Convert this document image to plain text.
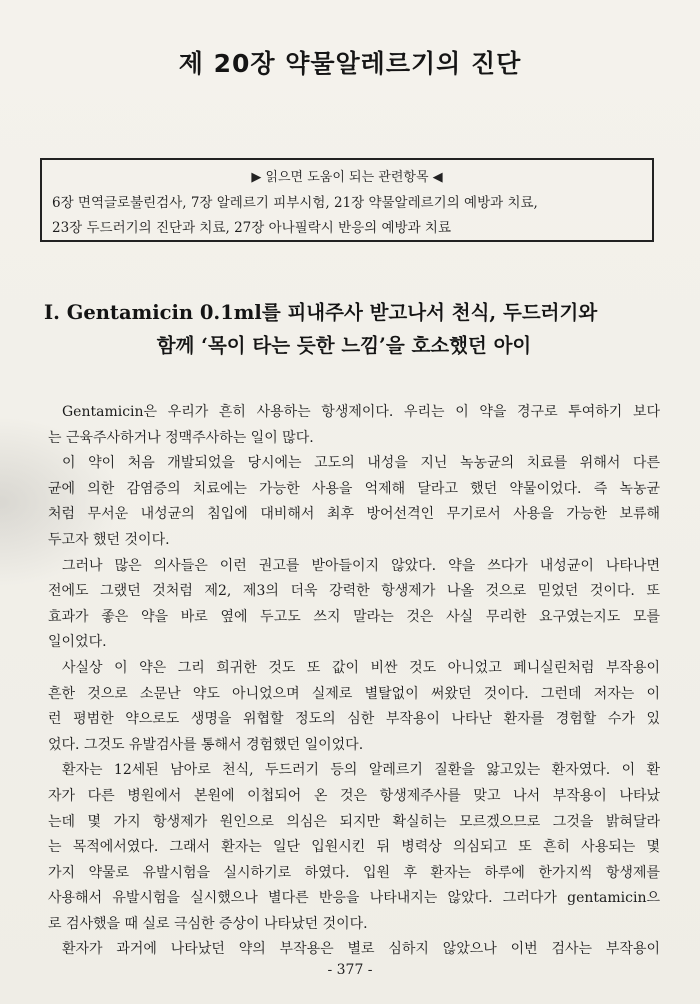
제 20장 약물알레르기의 진단
▶ 읽으면 도움이 되는 관련항목 ◀
6장 면역글로불린검사, 7장 알레르기 피부시험, 21장 약물알레르기의 예방과 치료,
23장 두드러기의 진단과 치료, 27장 아나필락시 반응의 예방과 치료
I. Gentamicin 0.1ml를 피내주사 받고나서 천식, 두드러기와
함께 ‘목이 타는 듯한 느낌’을 호소했던 아이
Gentamicin은 우리가 흔히 사용하는 항생제이다. 우리는 이 약을 경구로 투여하기 보다
는 근육주사하거나 정맥주사하는 일이 많다.
이 약이 처음 개발되었을 당시에는 고도의 내성을 지닌 녹농균의 치료를 위해서 다른
균에 의한 감염증의 치료에는 가능한 사용을 억제해 달라고 했던 약물이었다. 즉 녹농균
처럼 무서운 내성균의 침입에 대비해서 최후 방어선격인 무기로서 사용을 가능한 보류해
두고자 했던 것이다.
그러나 많은 의사들은 이런 권고를 받아들이지 않았다. 약을 쓰다가 내성균이 나타나면
전에도 그랬던 것처럼 제2, 제3의 더욱 강력한 항생제가 나올 것으로 믿었던 것이다. 또
효과가 좋은 약을 바로 옆에 두고도 쓰지 말라는 것은 사실 무리한 요구였는지도 모를
일이었다.
사실상 이 약은 그리 희귀한 것도 또 값이 비싼 것도 아니었고 페니실린처럼 부작용이
흔한 것으로 소문난 약도 아니었으며 실제로 별탈없이 써왔던 것이다. 그런데 저자는 이
런 평범한 약으로도 생명을 위협할 정도의 심한 부작용이 나타난 환자를 경험할 수가 있
었다. 그것도 유발검사를 통해서 경험했던 일이었다.
환자는 12세된 남아로 천식, 두드러기 등의 알레르기 질환을 앓고있는 환자였다. 이 환
자가 다른 병원에서 본원에 이첩되어 온 것은 항생제주사를 맞고 나서 부작용이 나타났
는데 몇 가지 항생제가 원인으로 의심은 되지만 확실히는 모르겠으므로 그것을 밝혀달라
는 목적에서였다. 그래서 환자는 일단 입원시킨 뒤 병력상 의심되고 또 흔히 사용되는 몇
가지 약물로 유발시험을 실시하기로 하였다. 입원 후 환자는 하루에 한가지씩 항생제를
사용해서 유발시험을 실시했으나 별다른 반응을 나타내지는 않았다. 그러다가 gentamicin으
로 검사했을 때 실로 극심한 증상이 나타났던 것이다.
환자가 과거에 나타났던 약의 부작용은 별로 심하지 않았으나 이번 검사는 부작용이
- 377 -
